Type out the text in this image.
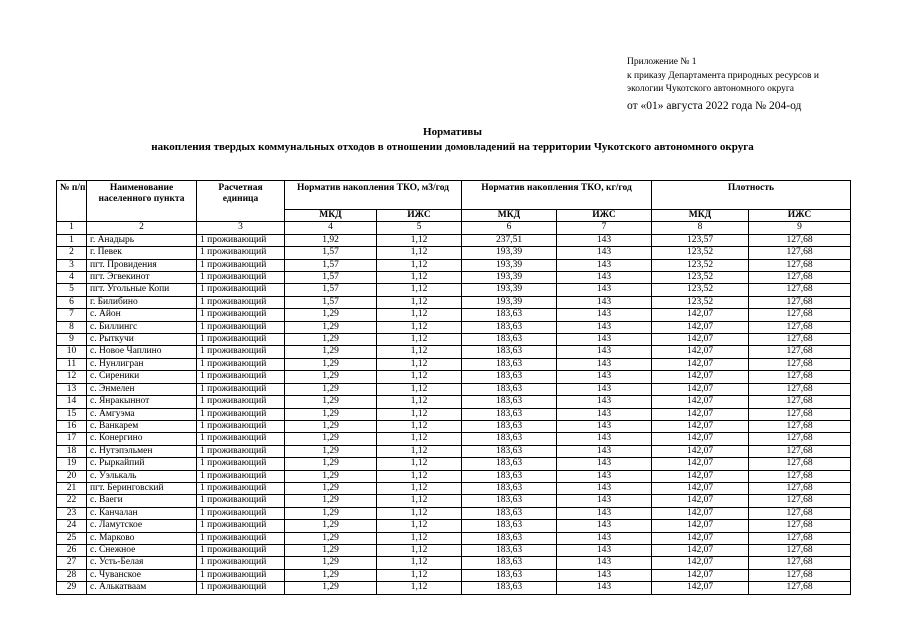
Приложение № 1
к приказу Департамента природных ресурсов и
экологии Чукотского автономного округа
от «01» августа 2022 года № 204-од
Нормативы
накопления твердых коммунальных отходов в отношении домовладений на территории Чукотского автономного округа
№ п/п	Наименование населенного пункта	Расчетная единица	Норматив накопления ТКО, м3/год		Норматив накопления ТКО, кг/год		Плотность	
			МКД	ИЖС	МКД	ИЖС	МКД	ИЖС
1	2	3	4	5	6	7	8	9
1	г. Анадырь	1 проживающий	1,92	1,12	237,51	143	123,57	127,68
2	г. Певек	1 проживающий	1,57	1,12	193,39	143	123,52	127,68
3	пгт. Провидения	1 проживающий	1,57	1,12	193,39	143	123,52	127,68
4	пгт. Эгвекинот	1 проживающий	1,57	1,12	193,39	143	123,52	127,68
5	пгт. Угольные Копи	1 проживающий	1,57	1,12	193,39	143	123,52	127,68
6	г. Билибино	1 проживающий	1,57	1,12	193,39	143	123,52	127,68
7	с. Айон	1 проживающий	1,29	1,12	183,63	143	142,07	127,68
8	с. Биллингс	1 проживающий	1,29	1,12	183,63	143	142,07	127,68
9	с. Рыткучи	1 проживающий	1,29	1,12	183,63	143	142,07	127,68
10	с. Новое Чаплино	1 проживающий	1,29	1,12	183,63	143	142,07	127,68
11	с. Нунлигран	1 проживающий	1,29	1,12	183,63	143	142,07	127,68
12	с. Сиреники	1 проживающий	1,29	1,12	183,63	143	142,07	127,68
13	с. Энмелен	1 проживающий	1,29	1,12	183,63	143	142,07	127,68
14	с. Янракыннот	1 проживающий	1,29	1,12	183,63	143	142,07	127,68
15	с. Амгуэма	1 проживающий	1,29	1,12	183,63	143	142,07	127,68
16	с. Ванкарем	1 проживающий	1,29	1,12	183,63	143	142,07	127,68
17	с. Конергино	1 проживающий	1,29	1,12	183,63	143	142,07	127,68
18	с. Нутэпэльмен	1 проживающий	1,29	1,12	183,63	143	142,07	127,68
19	с. Рыркайпий	1 проживающий	1,29	1,12	183,63	143	142,07	127,68
20	с. Уэлькаль	1 проживающий	1,29	1,12	183,63	143	142,07	127,68
21	пгт. Беринговский	1 проживающий	1,29	1,12	183,63	143	142,07	127,68
22	с. Ваеги	1 проживающий	1,29	1,12	183,63	143	142,07	127,68
23	с. Канчалан	1 проживающий	1,29	1,12	183,63	143	142,07	127,68
24	с. Ламутское	1 проживающий	1,29	1,12	183,63	143	142,07	127,68
25	с. Марково	1 проживающий	1,29	1,12	183,63	143	142,07	127,68
26	с. Снежное	1 проживающий	1,29	1,12	183,63	143	142,07	127,68
27	с. Усть-Белая	1 проживающий	1,29	1,12	183,63	143	142,07	127,68
28	с. Чуванское	1 проживающий	1,29	1,12	183,63	143	142,07	127,68
29	с. Алькатваам	1 проживающий	1,29	1,12	183,63	143	142,07	127,68
